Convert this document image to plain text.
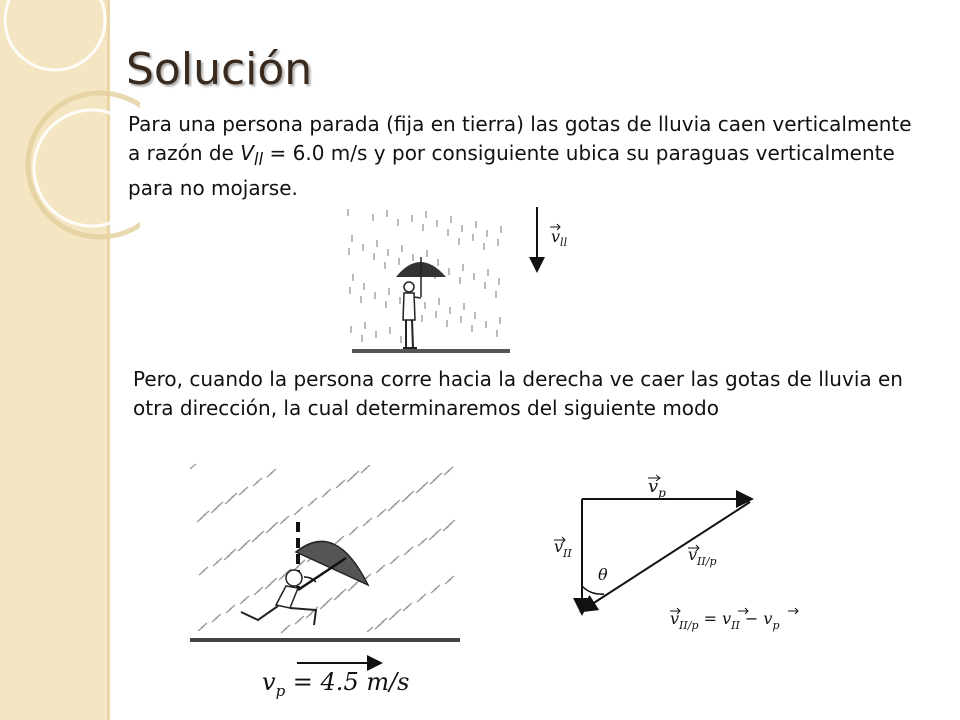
Solución

Para una persona parada (fija en tierra) las gotas de lluvia caen verticalmente a razón de $V_{ll} = 6.0$ m/s y por consiguiente ubica su paraguas verticalmente para no mojarse.

$v_{ll}$

Pero, cuando la persona corre hacia la derecha ve caer las gotas de lluvia en otra dirección, la cual determinaremos del siguiente modo

$v_p = 4.5$ m/s
$v_p$
$v_{II}$	$v_{II/p}$
θ
$v_{II/p} = v_{II} - v_p$
